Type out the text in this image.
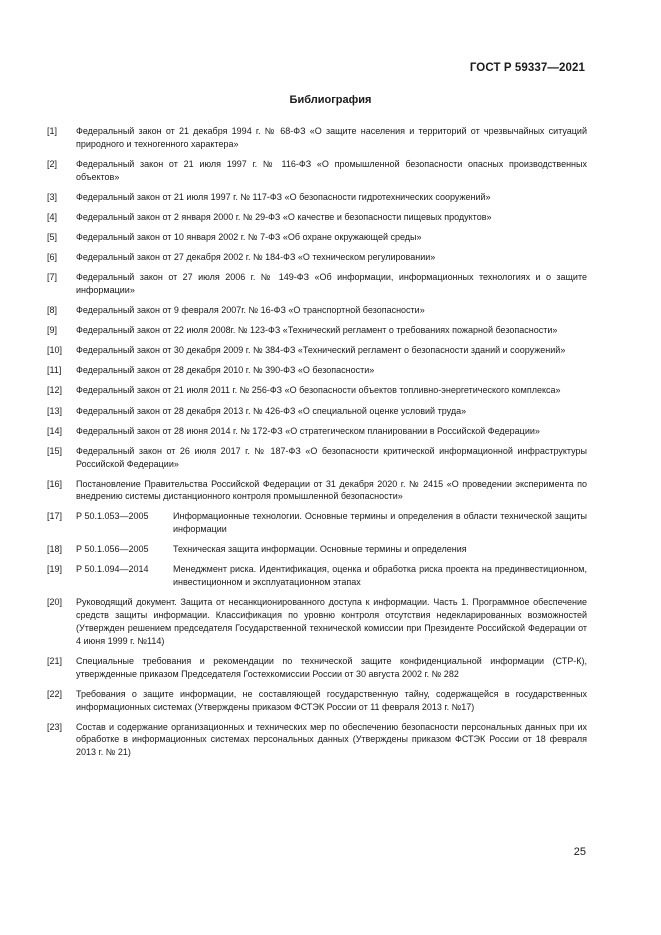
ГОСТ Р 59337—2021
Библиография
[1]	Федеральный закон от 21 декабря 1994 г. № 68-ФЗ «О защите населения и территорий от чрезвычайных ситуаций природного и техногенного характера»
[2]	Федеральный закон от 21 июля 1997 г. № 116-ФЗ «О промышленной безопасности опасных производственных объектов»
[3]	Федеральный закон от 21 июля 1997 г. № 117-ФЗ «О безопасности гидротехнических сооружений»
[4]	Федеральный закон от 2 января 2000 г. № 29-ФЗ «О качестве и безопасности пищевых продуктов»
[5]	Федеральный закон от 10 января 2002 г. № 7-ФЗ «Об охране окружающей среды»
[6]	Федеральный закон от 27 декабря 2002 г. № 184-ФЗ «О техническом регулировании»
[7]	Федеральный закон от 27 июля 2006 г. № 149-ФЗ «Об информации, информационных технологиях и о защите информации»
[8]	Федеральный закон от 9 февраля 2007г. № 16-ФЗ «О транспортной безопасности»
[9]	Федеральный закон от 22 июля 2008г. № 123-ФЗ «Технический регламент о требованиях пожарной безопасности»
[10]	Федеральный закон от 30 декабря 2009 г. № 384-ФЗ «Технический регламент о безопасности зданий и сооружений»
[11]	Федеральный закон от 28 декабря 2010 г. № 390-ФЗ «О безопасности»
[12]	Федеральный закон от 21 июля 2011 г. № 256-ФЗ «О безопасности объектов топливно-энергетического комплекса»
[13]	Федеральный закон от 28 декабря 2013 г. № 426-ФЗ «О специальной оценке условий труда»
[14]	Федеральный закон от 28 июня 2014 г. № 172-ФЗ «О стратегическом планировании в Российской Федерации»
[15]	Федеральный закон от 26 июля 2017 г. № 187-ФЗ «О безопасности критической информационной инфраструктуры Российской Федерации»
[16]	Постановление Правительства Российской Федерации от 31 декабря 2020 г. № 2415 «О проведении эксперимента по внедрению системы дистанционного контроля промышленной безопасности»
[17]	Р 50.1.053—2005	Информационные технологии. Основные термины и определения в области технической защиты информации
[18]	Р 50.1.056—2005	Техническая защита информации. Основные термины и определения
[19]	Р 50.1.094—2014	Менеджмент риска. Идентификация, оценка и обработка риска проекта на прединвестиционном, инвестиционном и эксплуатационном этапах
[20]	Руководящий документ. Защита от несанкционированного доступа к информации. Часть 1. Программное обеспечение средств защиты информации. Классификация по уровню контроля отсутствия недекларированных возможностей (Утвержден решением председателя Государственной технической комиссии при Президенте Российской Федерации от 4 июня 1999 г. №114)
[21]	Специальные требования и рекомендации по технической защите конфиденциальной информации (СТР-К), утвержденные приказом Председателя Гостехкомиссии России от 30 августа 2002 г. № 282
[22]	Требования о защите информации, не составляющей государственную тайну, содержащейся в государственных информационных системах (Утверждены приказом ФСТЭК России от 11 февраля 2013 г. №17)
[23]	Состав и содержание организационных и технических мер по обеспечению безопасности персональных данных при их обработке в информационных системах персональных данных (Утверждены приказом ФСТЭК России от 18 февраля 2013 г. № 21)
25
